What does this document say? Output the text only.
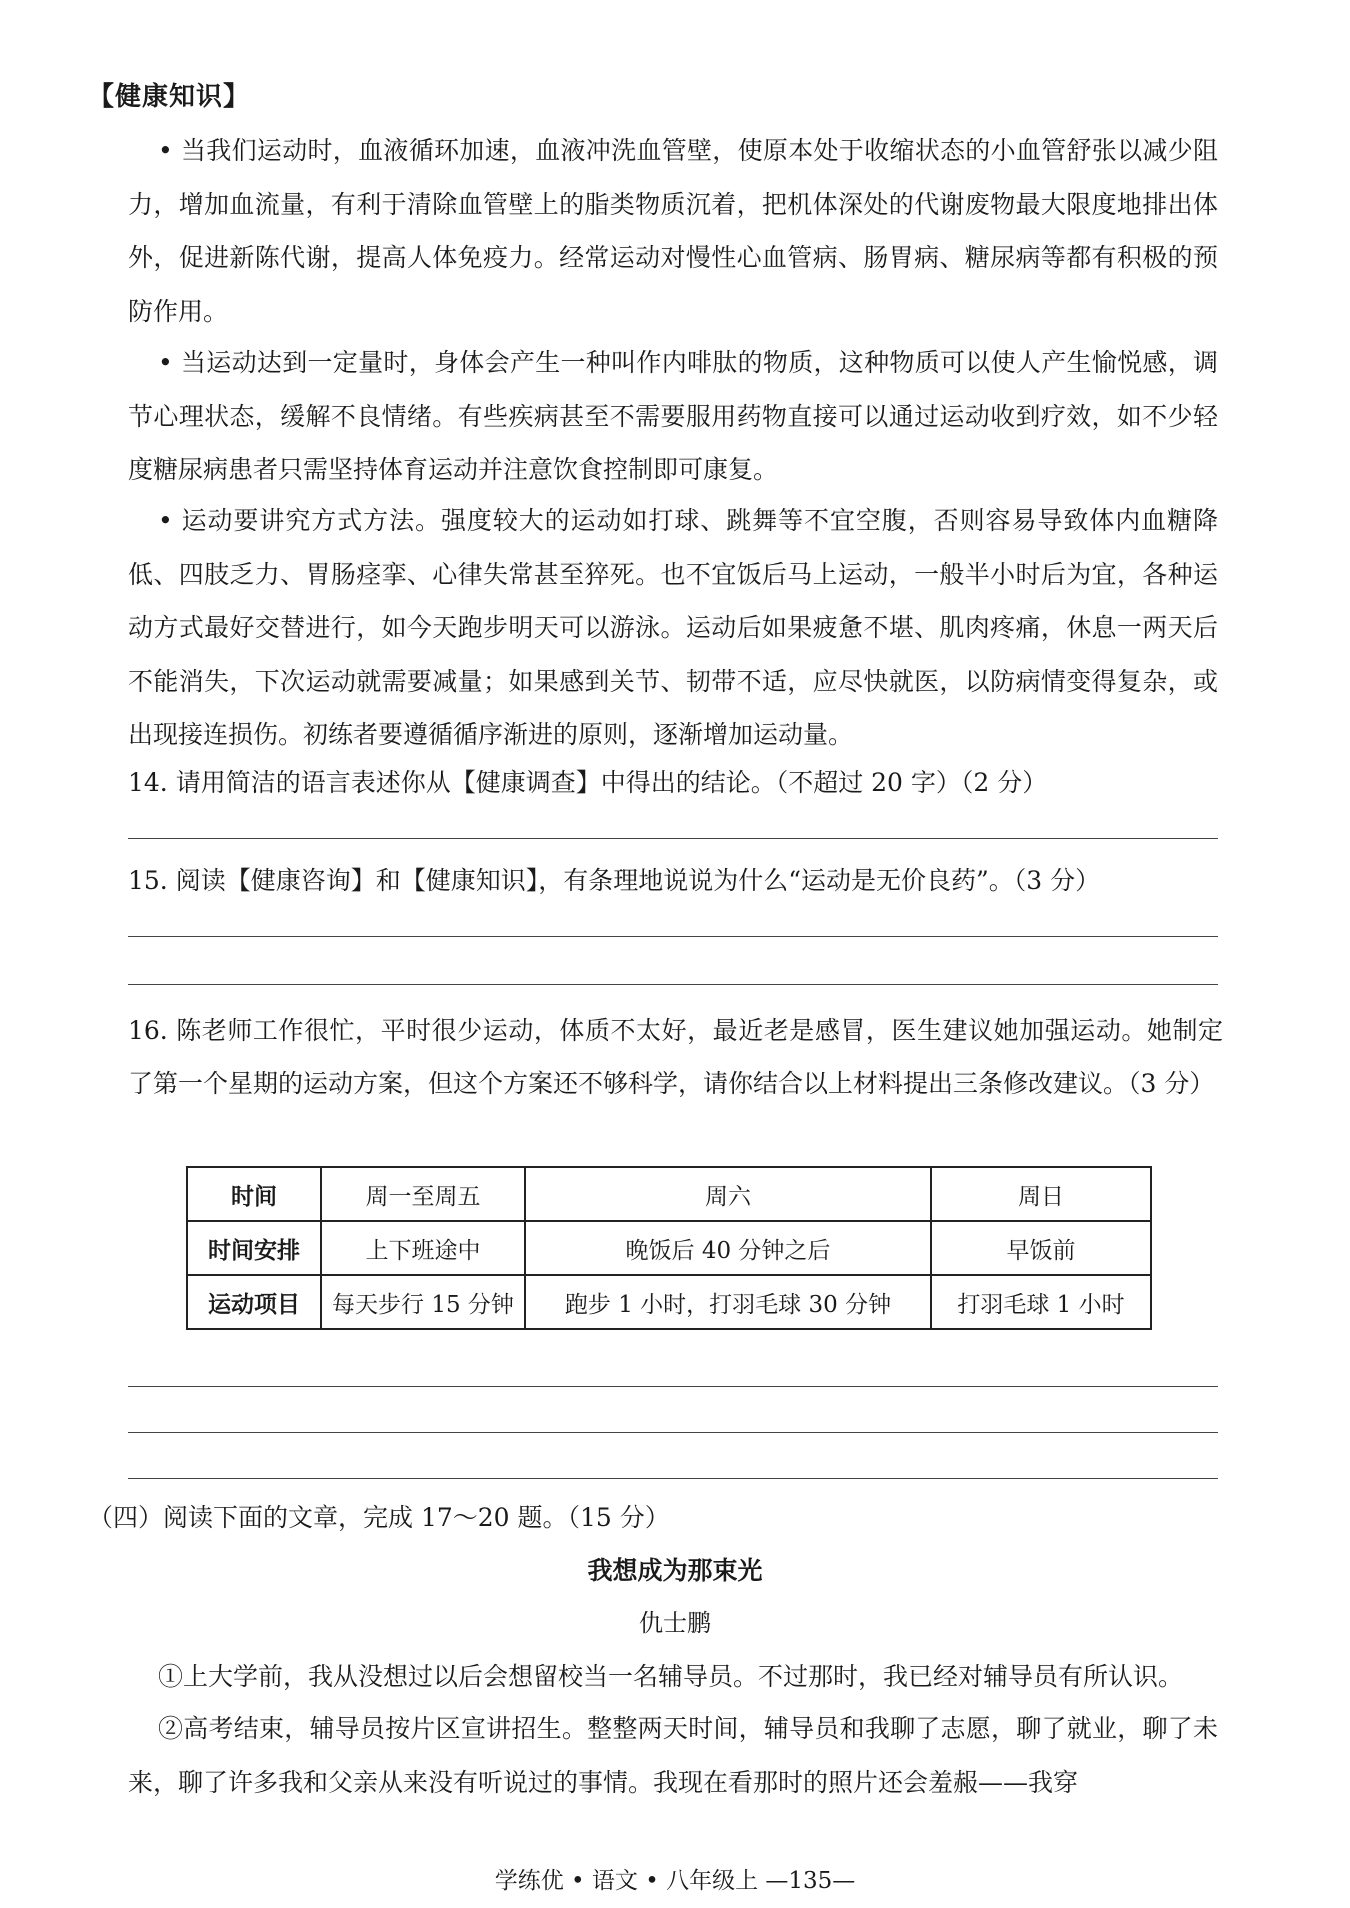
【健康知识】
• 当我们运动时，血液循环加速，血液冲洗血管壁，使原本处于收缩状态的小血管舒张以减少阻力，增加血流量，有利于清除血管壁上的脂类物质沉着，把机体深处的代谢废物最大限度地排出体外，促进新陈代谢，提高人体免疫力。经常运动对慢性心血管病、肠胃病、糖尿病等都有积极的预防作用。
• 当运动达到一定量时，身体会产生一种叫作内啡肽的物质，这种物质可以使人产生愉悦感，调节心理状态，缓解不良情绪。有些疾病甚至不需要服用药物直接可以通过运动收到疗效，如不少轻度糖尿病患者只需坚持体育运动并注意饮食控制即可康复。
• 运动要讲究方式方法。强度较大的运动如打球、跳舞等不宜空腹，否则容易导致体内血糖降低、四肢乏力、胃肠痉挛、心律失常甚至猝死。也不宜饭后马上运动，一般半小时后为宜，各种运动方式最好交替进行，如今天跑步明天可以游泳。运动后如果疲惫不堪、肌肉疼痛，休息一两天后不能消失，下次运动就需要减量；如果感到关节、韧带不适，应尽快就医，以防病情变得复杂，或出现接连损伤。初练者要遵循循序渐进的原则，逐渐增加运动量。
14. 请用简洁的语言表述你从【健康调查】中得出的结论。（不超过 20 字）（2 分）
15. 阅读【健康咨询】和【健康知识】，有条理地说说为什么“运动是无价良药”。（3 分）
16. 陈老师工作很忙，平时很少运动，体质不太好，最近老是感冒，医生建议她加强运动。她制定了第一个星期的运动方案，但这个方案还不够科学，请你结合以上材料提出三条修改建议。（3 分）
时间	周一至周五	周六	周日
时间安排	上下班途中	晚饭后 40 分钟之后	早饭前
运动项目	每天步行 15 分钟	跑步 1 小时，打羽毛球 30 分钟	打羽毛球 1 小时
（四）阅读下面的文章，完成 17～20 题。（15 分）
我想成为那束光
仇士鹏
①上大学前，我从没想过以后会想留校当一名辅导员。不过那时，我已经对辅导员有所认识。
②高考结束，辅导员按片区宣讲招生。整整两天时间，辅导员和我聊了志愿，聊了就业，聊了未来，聊了许多我和父亲从来没有听说过的事情。我现在看那时的照片还会羞赧——我穿
学练优 • 语文 • 八年级上 —135—
